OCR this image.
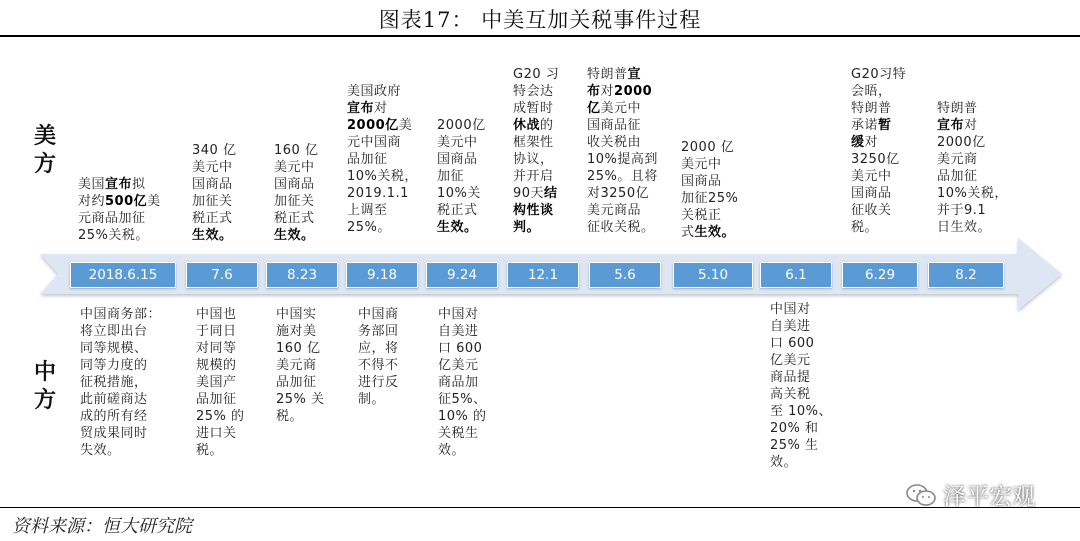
图表17： 中美互加关税事件过程
美
方
中
方
2018.6.15	7.6	8.23	9.18	9.24	12.1	5.6	5.10	6.1	6.29	8.2
美国宣布拟
对约500亿美
元商品加征
25%关税。
340 亿
美元中
国商品
加征关
税正式
生效。
160 亿
美元中
国商品
加征关
税正式
生效。
美国政府
宣布对
2000亿美
元中国商
品加征
10%关税，
2019.1.1
上调至
25%。
2000亿
美元中
国商品
加征
10%关
税正式
生效。
G20 习
特会达
成暂时
休战的
框架性
协议，
并开启
90天结
构性谈
判。
特朗普宣
布对2000
亿美元中
国商品征
收关税由
10%提高到
25%。且将
对3250亿
美元商品
征收关税。
2000 亿
美元中
国商品
加征25%
关税正
式生效。
G20习特
会晤，
特朗普
承诺暂
缓对
3250亿
美元中
国商品
征收关
税。
特朗普
宣布对
2000亿
美元商
品加征
10%关税，
并于9.1
日生效。
中国商务部：
将立即出台
同等规模、
同等力度的
征税措施，
此前磋商达
成的所有经
贸成果同时
失效。
中国也
于同日
对同等
规模的
美国产
品加征
25% 的
进口关
税。
中国实
施对美
160 亿
美元商
品加征
25% 关
税。
中国商
务部回
应，将
不得不
进行反
制。
中国对
自美进
口 600
亿美元
商品加
征5%、
10% 的
关税生
效。
中国对
自美进
口 600
亿美元
商品提
高关税
至 10%、
20% 和
25% 生
效。
资料来源：恒大研究院
泽平宏观
